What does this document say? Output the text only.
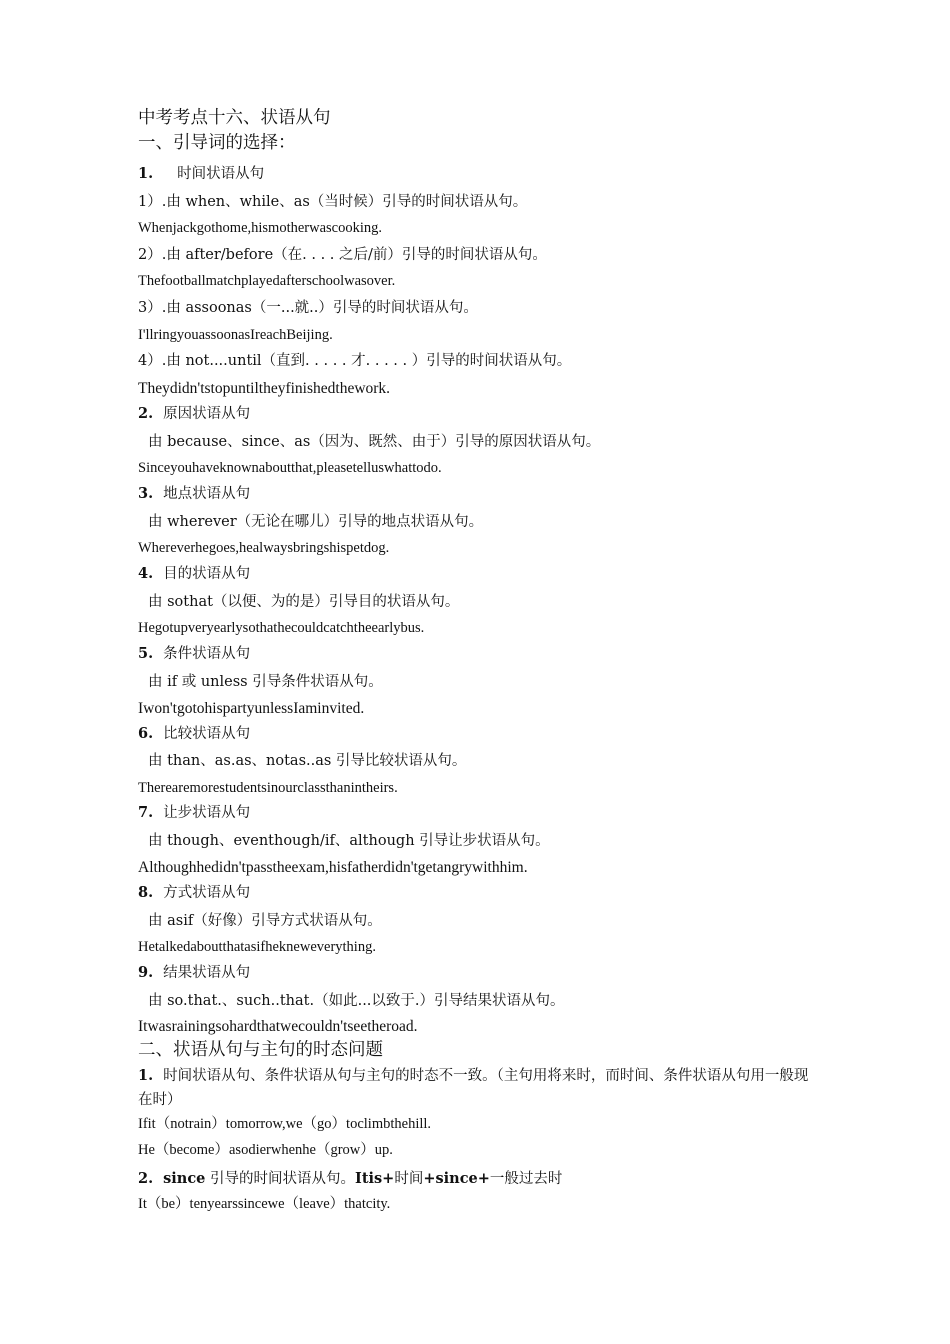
中考考点十六、状语从句
一、引导词的选择：
1. 时间状语从句
1）.由 when、while、as（当时候）引导的时间状语从句。
Whenjackgothome,hismotherwascooking.
2）.由 after/before（在. . . . 之后/前）引导的时间状语从句。
Thefootballmatchplayedafterschoolwasover.
3）.由 assoonas（一...就..）引导的时间状语从句。
I'llringyouassoonasIreachBeijing.
4）.由 not....until（直到. . . . . 才. . . . . ）引导的时间状语从句。
Theydidn'tstopuntiltheyfinishedthework.
2. 原因状语从句
由 because、since、as（因为、既然、由于）引导的原因状语从句。
Sinceyouhaveknownaboutthat,pleasetelluswhattodo.
3. 地点状语从句
由 wherever（无论在哪儿）引导的地点状语从句。
Whereverhegoes,healwaysbringshispetdog.
4. 目的状语从句
由 sothat（以便、为的是）引导目的状语从句。
Hegotupveryearlysothathecouldcatchtheearlybus.
5. 条件状语从句
由 if 或 unless 引导条件状语从句。
Iwon'tgotohispartyunlessIaminvited.
6. 比较状语从句
由 than、as.as、notas..as 引导比较状语从句。
Therearemorestudentsinourclassthanintheirs.
7. 让步状语从句
由 though、eventhough/if、although 引导让步状语从句。
Althoughhedidn'tpasstheexam,hisfatherdidn'tgetangrywithhim.
8. 方式状语从句
由 asif（好像）引导方式状语从句。
Hetalkedaboutthatasifhekneweverything.
9. 结果状语从句
由 so.that.、such..that.（如此...以致于.）引导结果状语从句。
Itwasrainingsohardthatwecouldn'tseetheroad.
二、状语从句与主句的时态问题
1. 时间状语从句、条件状语从句与主句的时态不一致。（主句用将来时，而时间、条件状语从句用一般现在时）
Ifit（notrain）tomorrow,we（go）toclimbthehill.
He（become）asodierwhenhe（grow）up.
2. since 引导的时间状语从句。Itis+时间+since+一般过去时
It（be）tenyearssincewe（leave）thatcity.
